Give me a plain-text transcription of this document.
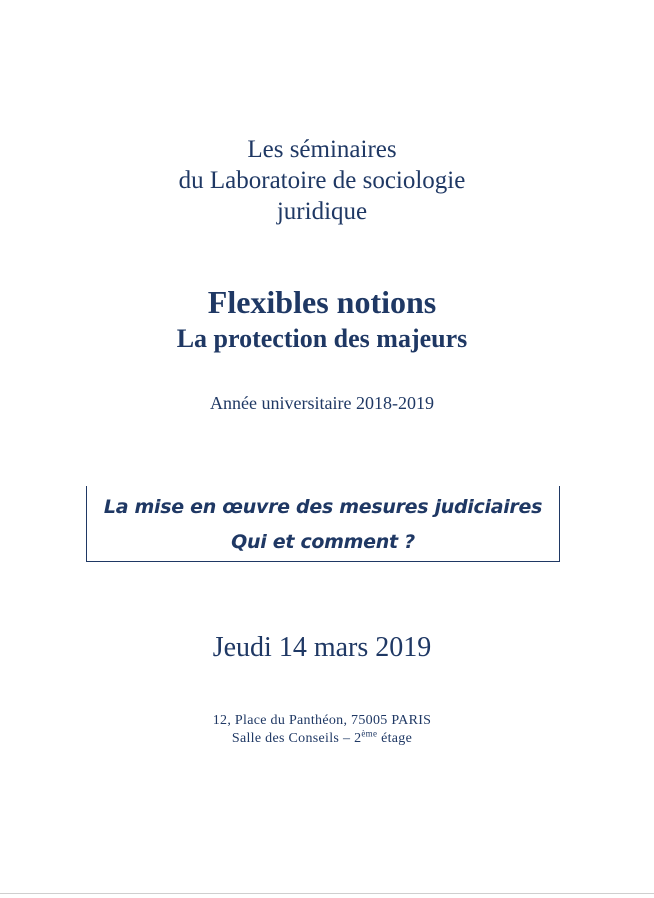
Les séminaires
du Laboratoire de sociologie
juridique
Flexibles notions
La protection des majeurs
Année universitaire 2018-2019
La mise en œuvre des mesures judiciaires
Qui et comment ?
Jeudi 14 mars 2019
12, Place du Panthéon, 75005 PARIS
Salle des Conseils – 2ème étage
